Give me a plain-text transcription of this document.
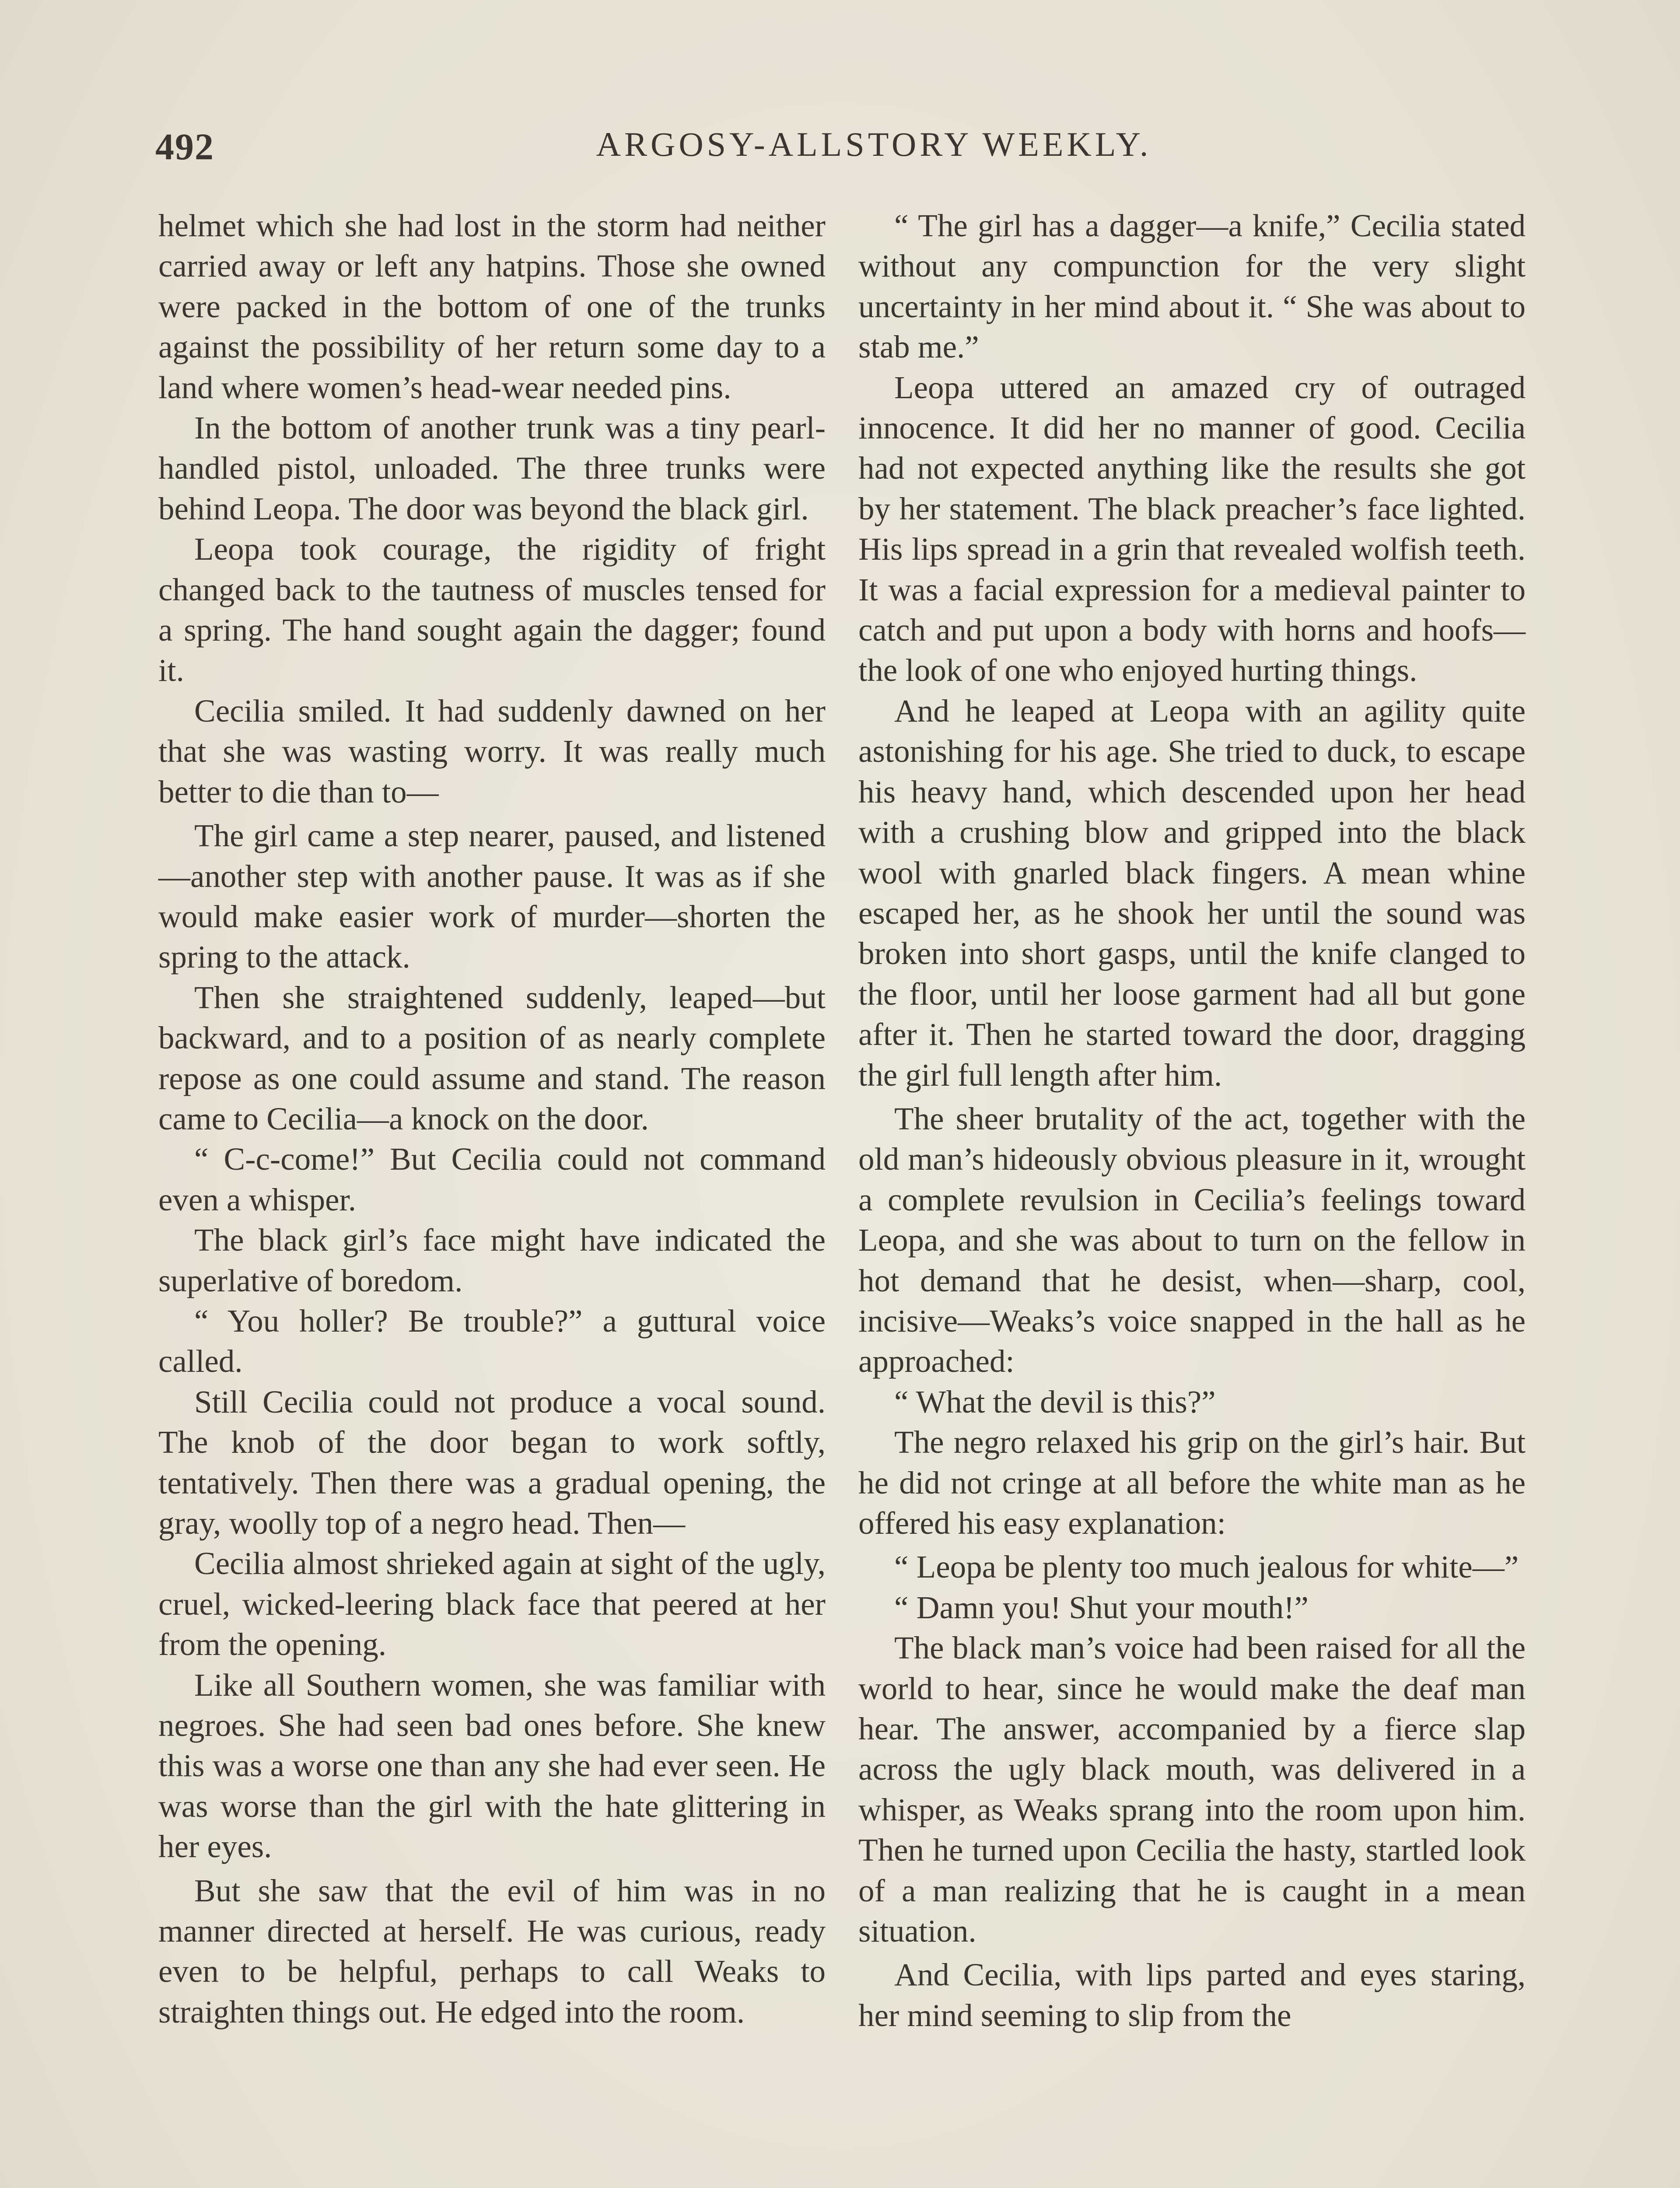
492	ARGOSY-ALLSTORY WEEKLY.

helmet which she had lost in the storm had neither carried away or left any hatpins. Those she owned were packed in the bottom of one of the trunks against the possibility of her return some day to a land where women’s head-wear needed pins.

In the bottom of another trunk was a tiny pearl-handled pistol, unloaded. The three trunks were behind Leopa. The door was beyond the black girl.

Leopa took courage, the rigidity of fright changed back to the tautness of muscles tensed for a spring. The hand sought again the dagger; found it.

Cecilia smiled. It had suddenly dawned on her that she was wasting worry. It was really much better to die than to—

The girl came a step nearer, paused, and listened—another step with another pause. It was as if she would make easier work of murder—shorten the spring to the attack.

Then she straightened suddenly, leaped—but backward, and to a position of as nearly complete repose as one could assume and stand. The reason came to Cecilia—a knock on the door.

“ C-c-come!” But Cecilia could not command even a whisper.

The black girl’s face might have indicated the superlative of boredom.

“ You holler? Be trouble?” a guttural voice called.

Still Cecilia could not produce a vocal sound. The knob of the door began to work softly, tentatively. Then there was a gradual opening, the gray, woolly top of a negro head. Then—

Cecilia almost shrieked again at sight of the ugly, cruel, wicked-leering black face that peered at her from the opening.

Like all Southern women, she was familiar with negroes. She had seen bad ones before. She knew this was a worse one than any she had ever seen. He was worse than the girl with the hate glittering in her eyes.

But she saw that the evil of him was in no manner directed at herself. He was curious, ready even to be helpful, perhaps to call Weaks to straighten things out. He edged into the room.

“ The girl has a dagger—a knife,” Cecilia stated without any compunction for the very slight uncertainty in her mind about it. “ She was about to stab me.”

Leopa uttered an amazed cry of outraged innocence. It did her no manner of good. Cecilia had not expected anything like the results she got by her statement. The black preacher’s face lighted. His lips spread in a grin that revealed wolfish teeth. It was a facial expression for a medieval painter to catch and put upon a body with horns and hoofs—the look of one who enjoyed hurting things.

And he leaped at Leopa with an agility quite astonishing for his age. She tried to duck, to escape his heavy hand, which descended upon her head with a crushing blow and gripped into the black wool with gnarled black fingers. A mean whine escaped her, as he shook her until the sound was broken into short gasps, until the knife clanged to the floor, until her loose garment had all but gone after it. Then he started toward the door, dragging the girl full length after him.

The sheer brutality of the act, together with the old man’s hideously obvious pleasure in it, wrought a complete revulsion in Cecilia’s feelings toward Leopa, and she was about to turn on the fellow in hot demand that he desist, when—sharp, cool, incisive—Weaks’s voice snapped in the hall as he approached:

“ What the devil is this?”

The negro relaxed his grip on the girl’s hair. But he did not cringe at all before the white man as he offered his easy explanation:

“ Leopa be plenty too much jealous for white—”

“ Damn you! Shut your mouth!”

The black man’s voice had been raised for all the world to hear, since he would make the deaf man hear. The answer, accompanied by a fierce slap across the ugly black mouth, was delivered in a whisper, as Weaks sprang into the room upon him. Then he turned upon Cecilia the hasty, startled look of a man realizing that he is caught in a mean situation.

And Cecilia, with lips parted and eyes staring, her mind seeming to slip from the
